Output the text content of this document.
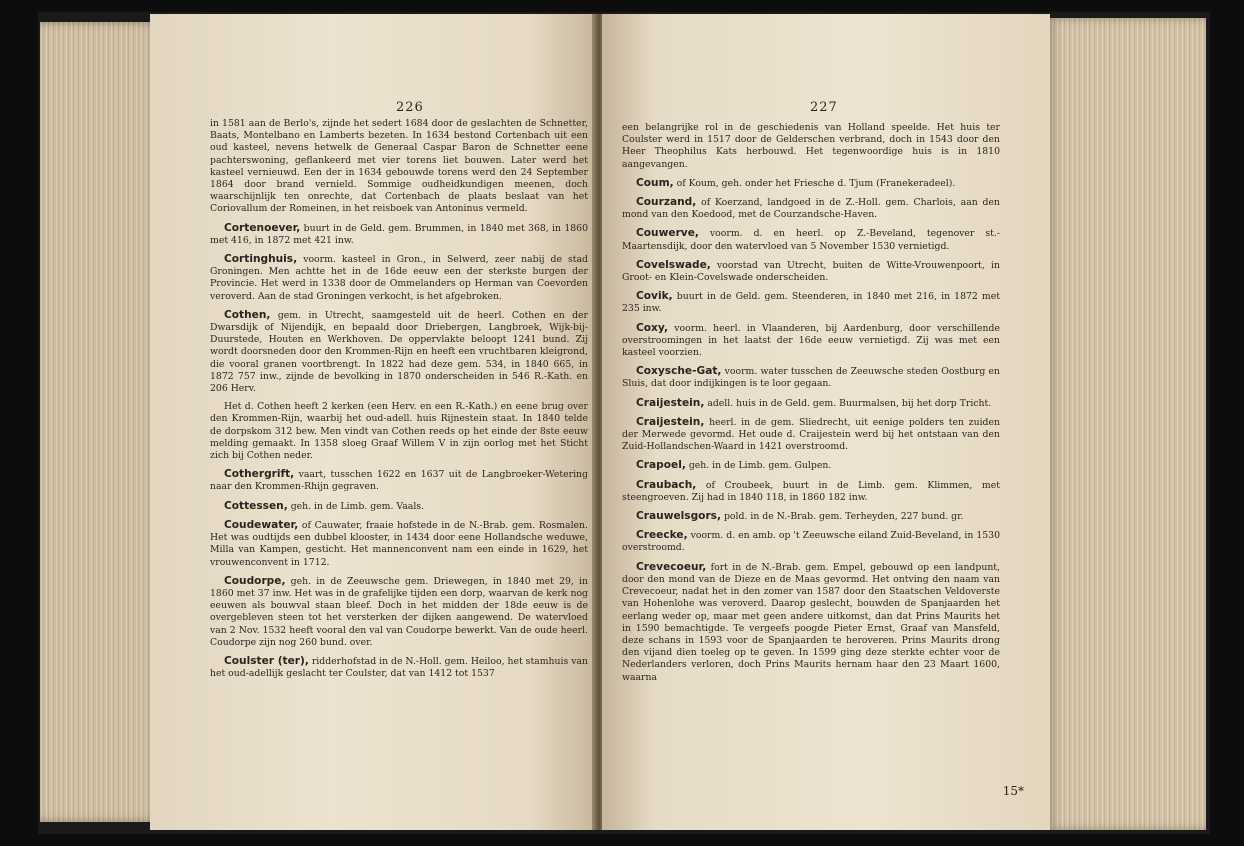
226

in 1581 aan de Berlo's, zijnde het sedert 1684 door de geslachten de Schnetter, Baats, Montelbano en Lamberts bezeten. In 1634 bestond Cortenbach uit een oud kasteel, nevens hetwelk de Generaal Caspar Baron de Schnetter eene pachterswoning, geflankeerd met vier torens liet bouwen. Later werd het kasteel vernieuwd. Een der in 1634 gebouwde torens werd den 24 September 1864 door brand vernield. Sommige oudheidkundigen meenen, doch waarschijnlijk ten onrechte, dat Cortenbach de plaats beslaat van het Coriovallum der Romeinen, in het reisboek van Antoninus vermeld.

Cortenoever, buurt in de Geld. gem. Brummen, in 1840 met 368, in 1860 met 416, in 1872 met 421 inw.

Cortinghuis, voorm. kasteel in Gron., in Selwerd, zeer nabij de stad Groningen. Men achtte het in de 16de eeuw een der sterkste burgen der Provincie. Het werd in 1338 door de Ommelanders op Herman van Coevorden veroverd. Aan de stad Groningen verkocht, is het afgebroken.

Cothen, gem. in Utrecht, saamgesteld uit de heerl. Cothen en der Dwarsdijk of Nijendijk, en bepaald door Driebergen, Langbroek, Wijk-bij-Duurstede, Houten en Werkhoven. De oppervlakte beloopt 1241 bund. Zij wordt doorsneden door den Krommen-Rijn en heeft een vruchtbaren kleigrond, die vooral granen voortbrengt. In 1822 had deze gem. 534, in 1840 665, in 1872 757 inw., zijnde de bevolking in 1870 onderscheiden in 546 R.-Kath. en 206 Herv.

Het d. Cothen heeft 2 kerken (een Herv. en een R.-Kath.) en eene brug over den Krommen-Rijn, waarbij het oud-adell. huis Rijnestein staat. In 1840 telde de dorpskom 312 bew. Men vindt van Cothen reeds op het einde der 8ste eeuw melding gemaakt. In 1358 sloeg Graaf Willem V in zijn oorlog met het Sticht zich bij Cothen neder.

Cothergrift, vaart, tusschen 1622 en 1637 uit de Langbroeker-Wetering naar den Krommen-Rhijn gegraven.

Cottessen, geh. in de Limb. gem. Vaals.

Coudewater, of Cauwater, fraaie hofstede in de N.-Brab. gem. Rosmalen. Het was oudtijds een dubbel klooster, in 1434 door eene Hollandsche weduwe, Milla van Kampen, gesticht. Het mannenconvent nam een einde in 1629, het vrouwenconvent in 1712.

Coudorpe, geh. in de Zeeuwsche gem. Driewegen, in 1840 met 29, in 1860 met 37 inw. Het was in de grafelijke tijden een dorp, waarvan de kerk nog eeuwen als bouwval staan bleef. Doch in het midden der 18de eeuw is de overgebleven steen tot het versterken der dijken aangewend. De watervloed van 2 Nov. 1532 heeft vooral den val van Coudorpe bewerkt. Van de oude heerl. Coudorpe zijn nog 260 bund. over.

Coulster (ter), ridderhofstad in de N.-Holl. gem. Heiloo, het stamhuis van het oud-adellijk geslacht ter Coulster, dat van 1412 tot 1537

227

een belangrijke rol in de geschiedenis van Holland speelde. Het huis ter Coulster werd in 1517 door de Gelderschen verbrand, doch in 1543 door den Heer Theophilus Kats herbouwd. Het tegenwoordige huis is in 1810 aangevangen.

Coum, of Koum, geh. onder het Friesche d. Tjum (Franekeradeel).

Courzand, of Koerzand, landgoed in de Z.-Holl. gem. Charlois, aan den mond van den Koedood, met de Courzandsche-Haven.

Couwerve, voorm. d. en heerl. op Z.-Beveland, tegenover st.-Maartensdijk, door den watervloed van 5 November 1530 vernietigd.

Covelswade, voorstad van Utrecht, buiten de Witte-Vrouwenpoort, in Groot- en Klein-Covelswade onderscheiden.

Covik, buurt in de Geld. gem. Steenderen, in 1840 met 216, in 1872 met 235 inw.

Coxy, voorm. heerl. in Vlaanderen, bij Aardenburg, door verschillende overstroomingen in het laatst der 16de eeuw vernietigd. Zij was met een kasteel voorzien.

Coxysche-Gat, voorm. water tusschen de Zeeuwsche steden Oostburg en Sluis, dat door indijkingen is te loor gegaan.

Craijestein, adell. huis in de Geld. gem. Buurmalsen, bij het dorp Tricht.

Craijestein, heerl. in de gem. Sliedrecht, uit eenige polders ten zuiden der Merwede gevormd. Het oude d. Craijestein werd bij het ontstaan van den Zuid-Hollandschen-Waard in 1421 overstroomd.

Crapoel, geh. in de Limb. gem. Gulpen.

Craubach, of Croubeek, buurt in de Limb. gem. Klimmen, met steengroeven. Zij had in 1840 118, in 1860 182 inw.

Crauwelsgors, pold. in de N.-Brab. gem. Terheyden, 227 bund. gr.

Creecke, voorm. d. en amb. op 't Zeeuwsche eiland Zuid-Beveland, in 1530 overstroomd.

Crevecoeur, fort in de N.-Brab. gem. Empel, gebouwd op een landpunt, door den mond van de Dieze en de Maas gevormd. Het ontving den naam van Crevecoeur, nadat het in den zomer van 1587 door den Staatschen Veldoverste van Hohenlohe was veroverd. Daarop geslecht, bouwden de Spanjaarden het eerlang weder op, maar met geen andere uitkomst, dan dat Prins Maurits het in 1590 bemachtigde. Te vergeefs poogde Pieter Ernst, Graaf van Mansfeld, deze schans in 1593 voor de Spanjaarden te heroveren. Prins Maurits drong den vijand dien toeleg op te geven. In 1599 ging deze sterkte echter voor de Nederlanders verloren, doch Prins Maurits hernam haar den 23 Maart 1600, waarna

15*
